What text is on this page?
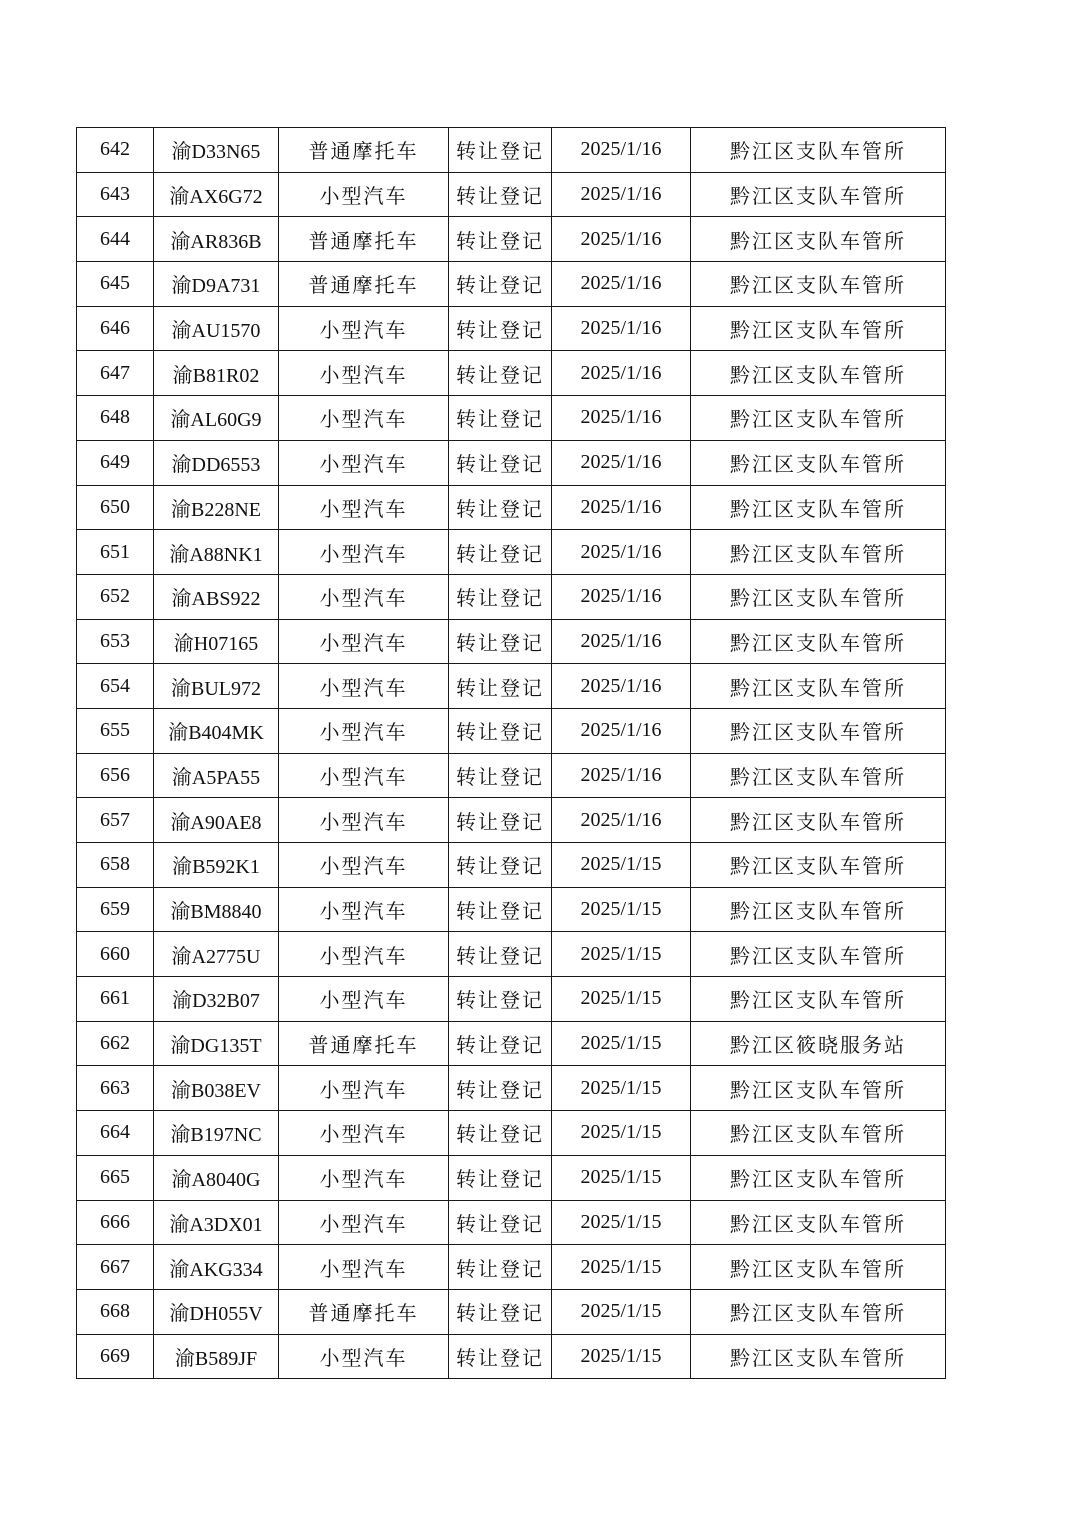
642	渝D33N65	普通摩托车	转让登记	2025/1/16	黔江区支队车管所
643	渝AX6G72	小型汽车	转让登记	2025/1/16	黔江区支队车管所
644	渝AR836B	普通摩托车	转让登记	2025/1/16	黔江区支队车管所
645	渝D9A731	普通摩托车	转让登记	2025/1/16	黔江区支队车管所
646	渝AU1570	小型汽车	转让登记	2025/1/16	黔江区支队车管所
647	渝B81R02	小型汽车	转让登记	2025/1/16	黔江区支队车管所
648	渝AL60G9	小型汽车	转让登记	2025/1/16	黔江区支队车管所
649	渝DD6553	小型汽车	转让登记	2025/1/16	黔江区支队车管所
650	渝B228NE	小型汽车	转让登记	2025/1/16	黔江区支队车管所
651	渝A88NK1	小型汽车	转让登记	2025/1/16	黔江区支队车管所
652	渝ABS922	小型汽车	转让登记	2025/1/16	黔江区支队车管所
653	渝H07165	小型汽车	转让登记	2025/1/16	黔江区支队车管所
654	渝BUL972	小型汽车	转让登记	2025/1/16	黔江区支队车管所
655	渝B404MK	小型汽车	转让登记	2025/1/16	黔江区支队车管所
656	渝A5PA55	小型汽车	转让登记	2025/1/16	黔江区支队车管所
657	渝A90AE8	小型汽车	转让登记	2025/1/16	黔江区支队车管所
658	渝B592K1	小型汽车	转让登记	2025/1/15	黔江区支队车管所
659	渝BM8840	小型汽车	转让登记	2025/1/15	黔江区支队车管所
660	渝A2775U	小型汽车	转让登记	2025/1/15	黔江区支队车管所
661	渝D32B07	小型汽车	转让登记	2025/1/15	黔江区支队车管所
662	渝DG135T	普通摩托车	转让登记	2025/1/15	黔江区筱晓服务站
663	渝B038EV	小型汽车	转让登记	2025/1/15	黔江区支队车管所
664	渝B197NC	小型汽车	转让登记	2025/1/15	黔江区支队车管所
665	渝A8040G	小型汽车	转让登记	2025/1/15	黔江区支队车管所
666	渝A3DX01	小型汽车	转让登记	2025/1/15	黔江区支队车管所
667	渝AKG334	小型汽车	转让登记	2025/1/15	黔江区支队车管所
668	渝DH055V	普通摩托车	转让登记	2025/1/15	黔江区支队车管所
669	渝B589JF	小型汽车	转让登记	2025/1/15	黔江区支队车管所
